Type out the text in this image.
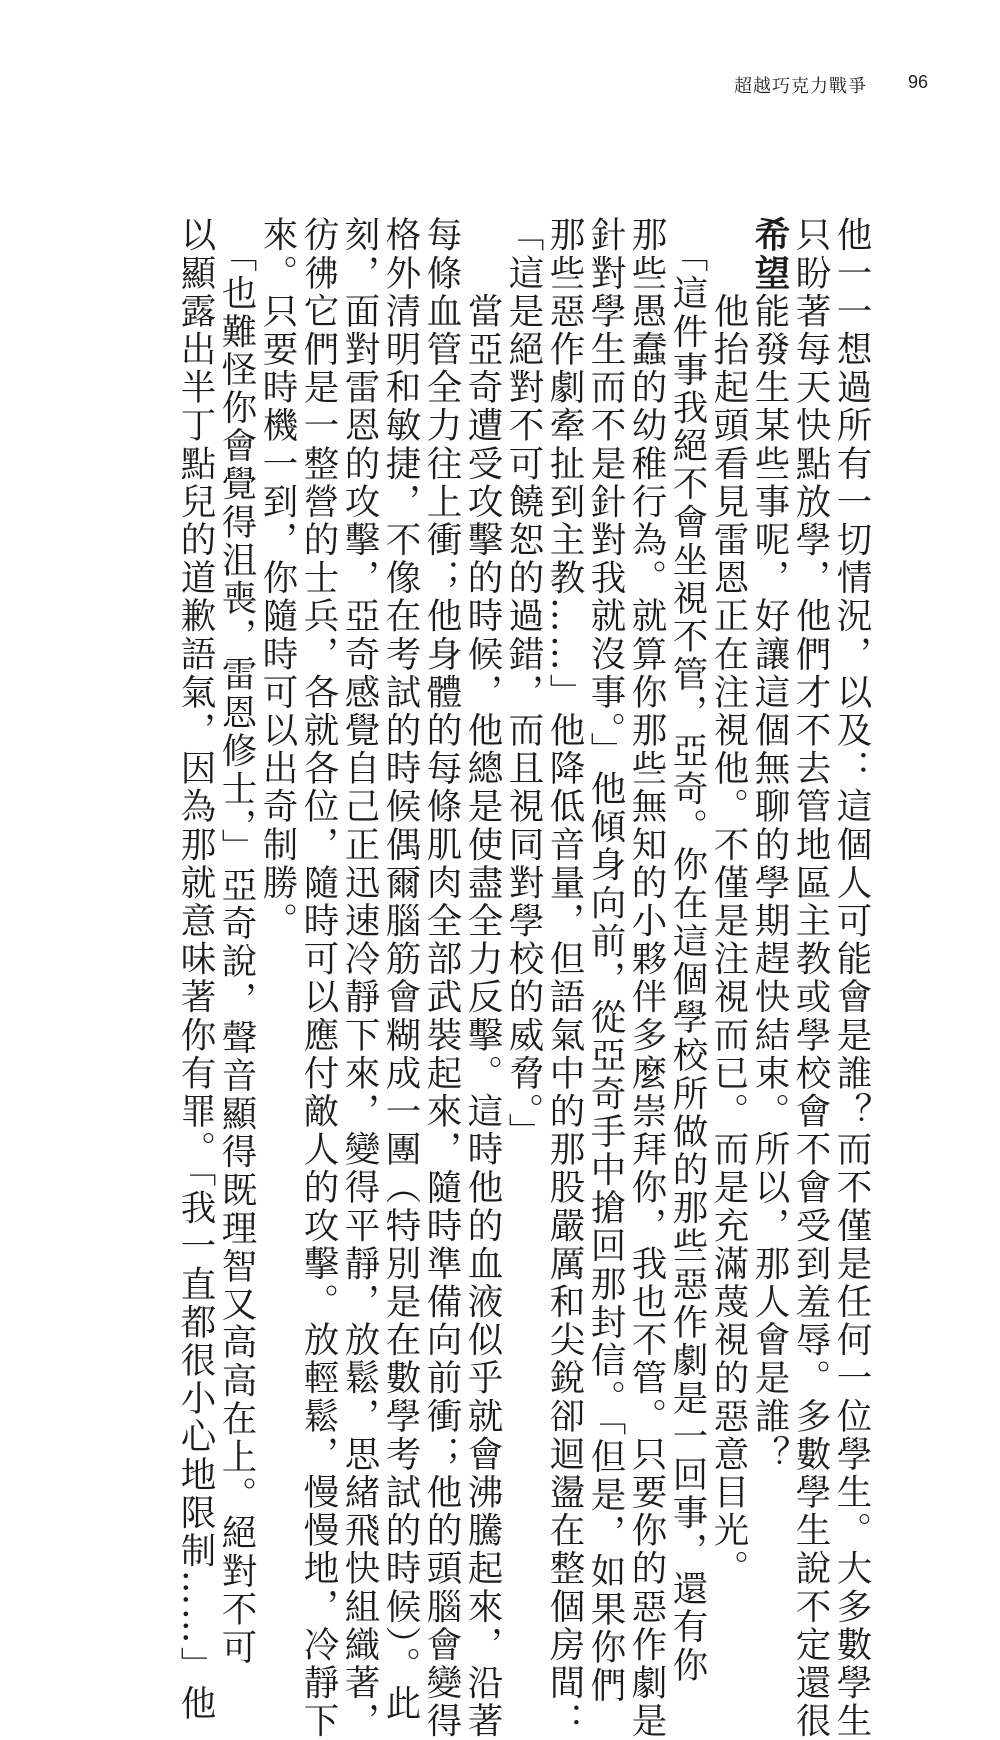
超越巧克力戰爭 96
他一一想過所有一切情況，以及：這個人可能會是誰？而不僅是任何一位學生。大多數學生
只盼著每天快點放學，他們才不去管地區主教或學校會不會受到羞辱。多數學生說不定還很
希望能發生某些事呢，好讓這個無聊的學期趕快結束。所以，那人會是誰？
　　他抬起頭看見雷恩正在注視他。不僅是注視而已。而是充滿蔑視的惡意目光。
　「這件事我絕不會坐視不管，亞奇。你在這個學校所做的那些惡作劇是一回事，還有你
那些愚蠢的幼稚行為。就算你那些無知的小夥伴多麼崇拜你，我也不管。只要你的惡作劇是
針對學生而不是針對我就沒事。」他傾身向前，從亞奇手中搶回那封信。「但是，如果你們
那些惡作劇牽扯到主教……」他降低音量，但語氣中的那股嚴厲和尖銳卻迴盪在整個房間：
「這是絕對不可饒恕的過錯，而且視同對學校的威脅。」
　　當亞奇遭受攻擊的時候，他總是使盡全力反擊。這時他的血液似乎就會沸騰起來，沿著
每條血管全力往上衝；他身體的每條肌肉全部武裝起來，隨時準備向前衝；他的頭腦會變得
格外清明和敏捷，不像在考試的時候偶爾腦筋會糊成一團（特別是在數學考試的時候）。此
刻，面對雷恩的攻擊，亞奇感覺自己正迅速冷靜下來，變得平靜，放鬆，思緒飛快組織著，
彷彿它們是一整營的士兵，各就各位，隨時可以應付敵人的攻擊。放輕鬆，慢慢地，冷靜下
來。只要時機一到，你隨時可以出奇制勝。
　「也難怪你會覺得沮喪，雷恩修士，」亞奇說，聲音顯得既理智又高高在上。絕對不可
以顯露出半丁點兒的道歉語氣，因為那就意味著你有罪。「我一直都很小心地限制……」他
